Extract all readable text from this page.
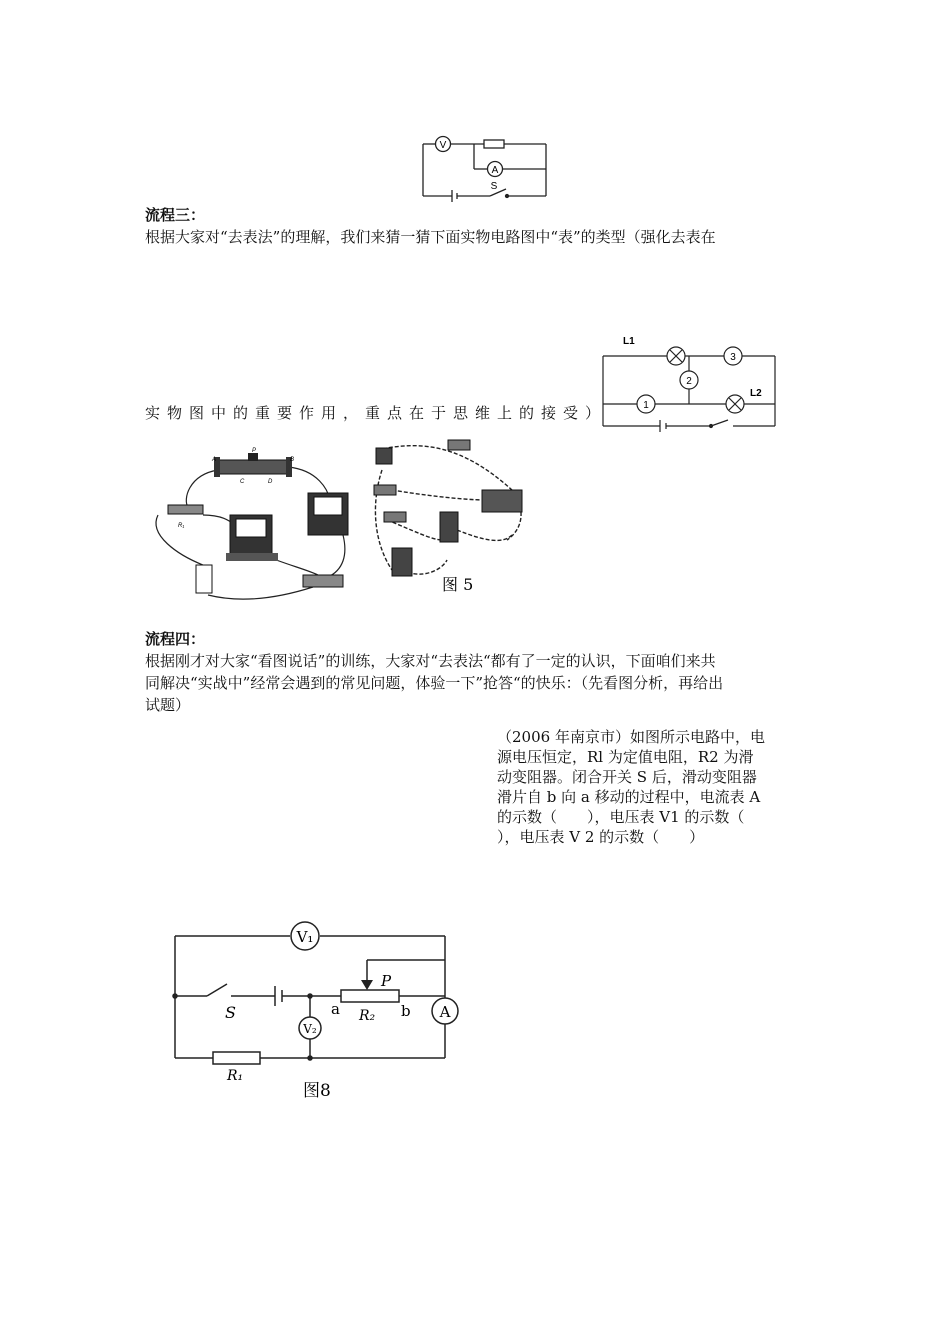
V
A
S
流程三：
根据大家对“去表法”的理解，我们来猜一猜下面实物电路图中“表”的类型（强化去表在
实物图中的重要作用，重点在于思维上的接受）
L1
L2
3
2
1
A
P
B
C	D
R₁
图 5
流程四：
根据刚才对大家“看图说话”的训练，大家对“去表法“都有了一定的认识，下面咱们来共
同解决“实战中”经常会遇到的常见问题，体验一下”抢答“的快乐：（先看图分析，再给出
试题）
（2006 年南京市）如图所示电路中，电
源电压恒定，Rl 为定值电阻，R2 为滑
动变阻器。闭合开关 S 后，滑动变阻器
滑片自 b 向 a 移动的过程中，电流表 A
的示数（　　），电压表 V1 的示数（
），电压表 V 2 的示数（　　）
V₁
V₂
A
S
P
R₂
a	b
R₁
图8
